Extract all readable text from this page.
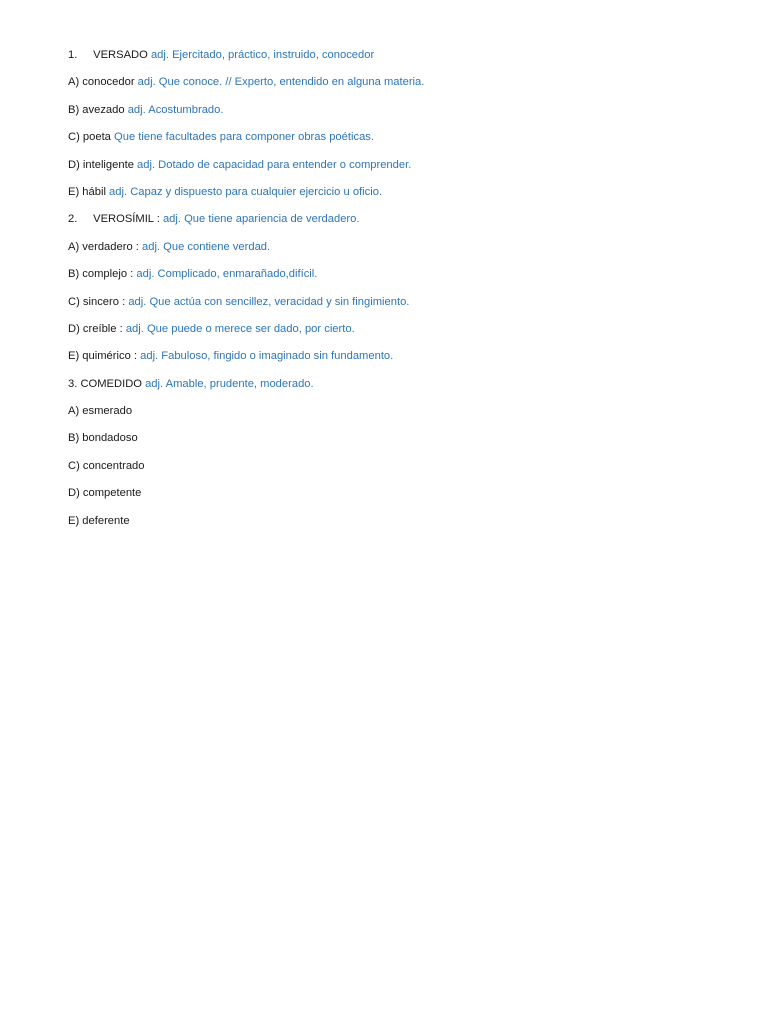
1. VERSADO adj. Ejercitado, práctico, instruido, conocedor
A) conocedor adj. Que conoce. // Experto, entendido en alguna materia.
B) avezado adj. Acostumbrado.
C) poeta Que tiene facultades para componer obras poéticas.
D) inteligente adj. Dotado de capacidad para entender o comprender.
E) hábil adj. Capaz y dispuesto para cualquier ejercicio u oficio.
2. VEROSÍMIL : adj. Que tiene apariencia de verdadero.
A) verdadero : adj. Que contiene verdad.
B) complejo : adj. Complicado, enmarañado,difícil.
C) sincero : adj. Que actúa con sencillez, veracidad y sin fingimiento.
D) creíble : adj. Que puede o merece ser dado, por cierto.
E) quimérico : adj. Fabuloso, fingido o imaginado sin fundamento.
3. COMEDIDO adj. Amable, prudente, moderado.
A) esmerado
B) bondadoso
C) concentrado
D) competente
E) deferente
